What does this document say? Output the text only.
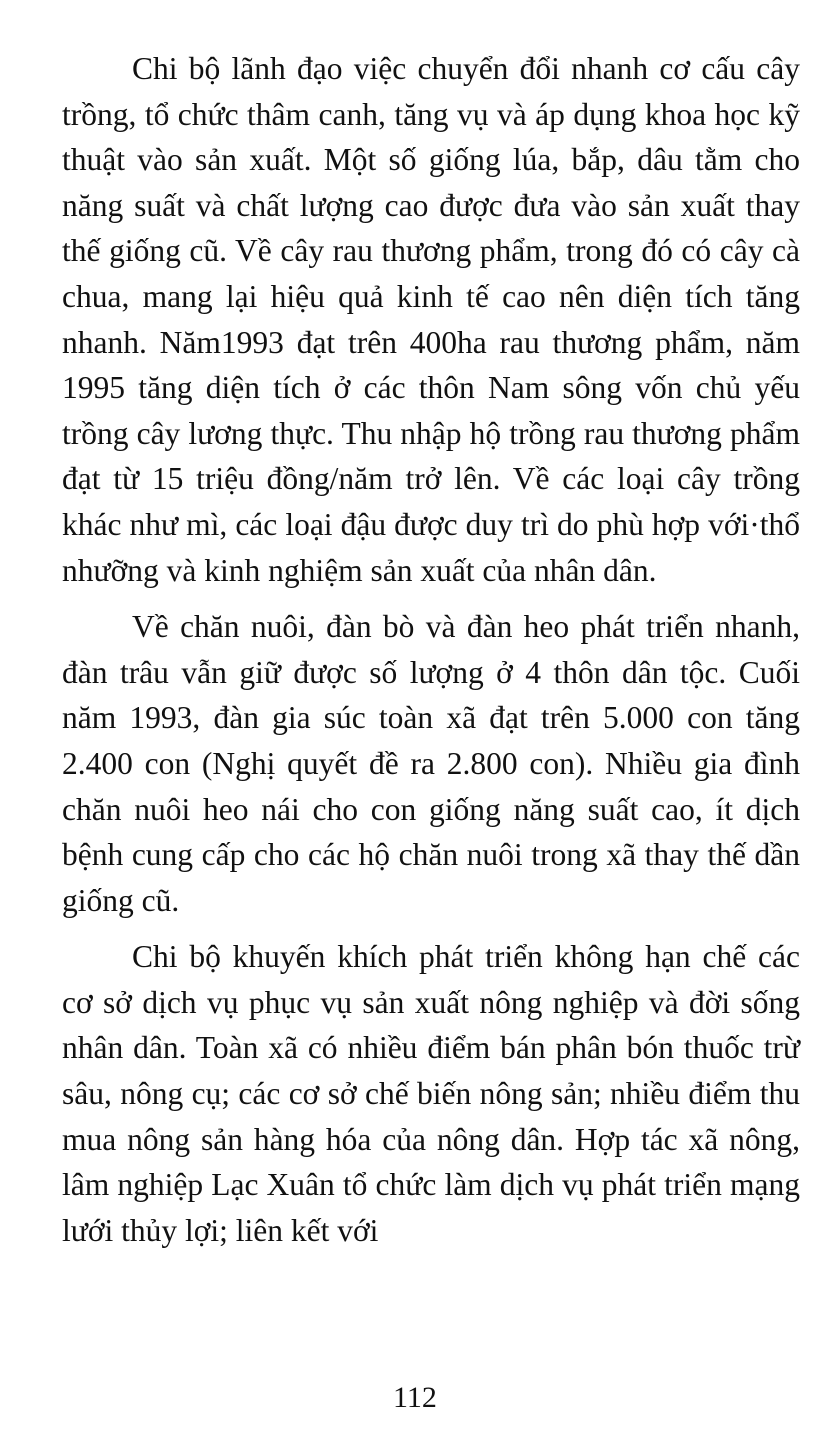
Chi bộ lãnh đạo việc chuyển đổi nhanh cơ cấu cây trồng, tổ chức thâm canh, tăng vụ và áp dụng khoa học kỹ thuật vào sản xuất. Một số giống lúa, bắp, dâu tằm cho năng suất và chất lượng cao được đưa vào sản xuất thay thế giống cũ. Về cây rau thương phẩm, trong đó có cây cà chua, mang lại hiệu quả kinh tế cao nên diện tích tăng nhanh. Năm1993 đạt trên 400ha rau thương phẩm, năm 1995 tăng diện tích ở các thôn Nam sông vốn chủ yếu trồng cây lương thực. Thu nhập hộ trồng rau thương phẩm đạt từ 15 triệu đồng/năm trở lên. Về các loại cây trồng khác như mì, các loại đậu được duy trì do phù hợp với·thổ nhưỡng và kinh nghiệm sản xuất của nhân dân.

Về chăn nuôi, đàn bò và đàn heo phát triển nhanh, đàn trâu vẫn giữ được số lượng ở 4 thôn dân tộc. Cuối năm 1993, đàn gia súc toàn xã đạt trên 5.000 con tăng 2.400 con (Nghị quyết đề ra 2.800 con). Nhiều gia đình chăn nuôi heo nái cho con giống năng suất cao, ít dịch bệnh cung cấp cho các hộ chăn nuôi trong xã thay thế dần giống cũ.

Chi bộ khuyến khích phát triển không hạn chế các cơ sở dịch vụ phục vụ sản xuất nông nghiệp và đời sống nhân dân. Toàn xã có nhiều điểm bán phân bón thuốc trừ sâu, nông cụ; các cơ sở chế biến nông sản; nhiều điểm thu mua nông sản hàng hóa của nông dân. Hợp tác xã nông, lâm nghiệp Lạc Xuân tổ chức làm dịch vụ phát triển mạng lưới thủy lợi; liên kết với

112
